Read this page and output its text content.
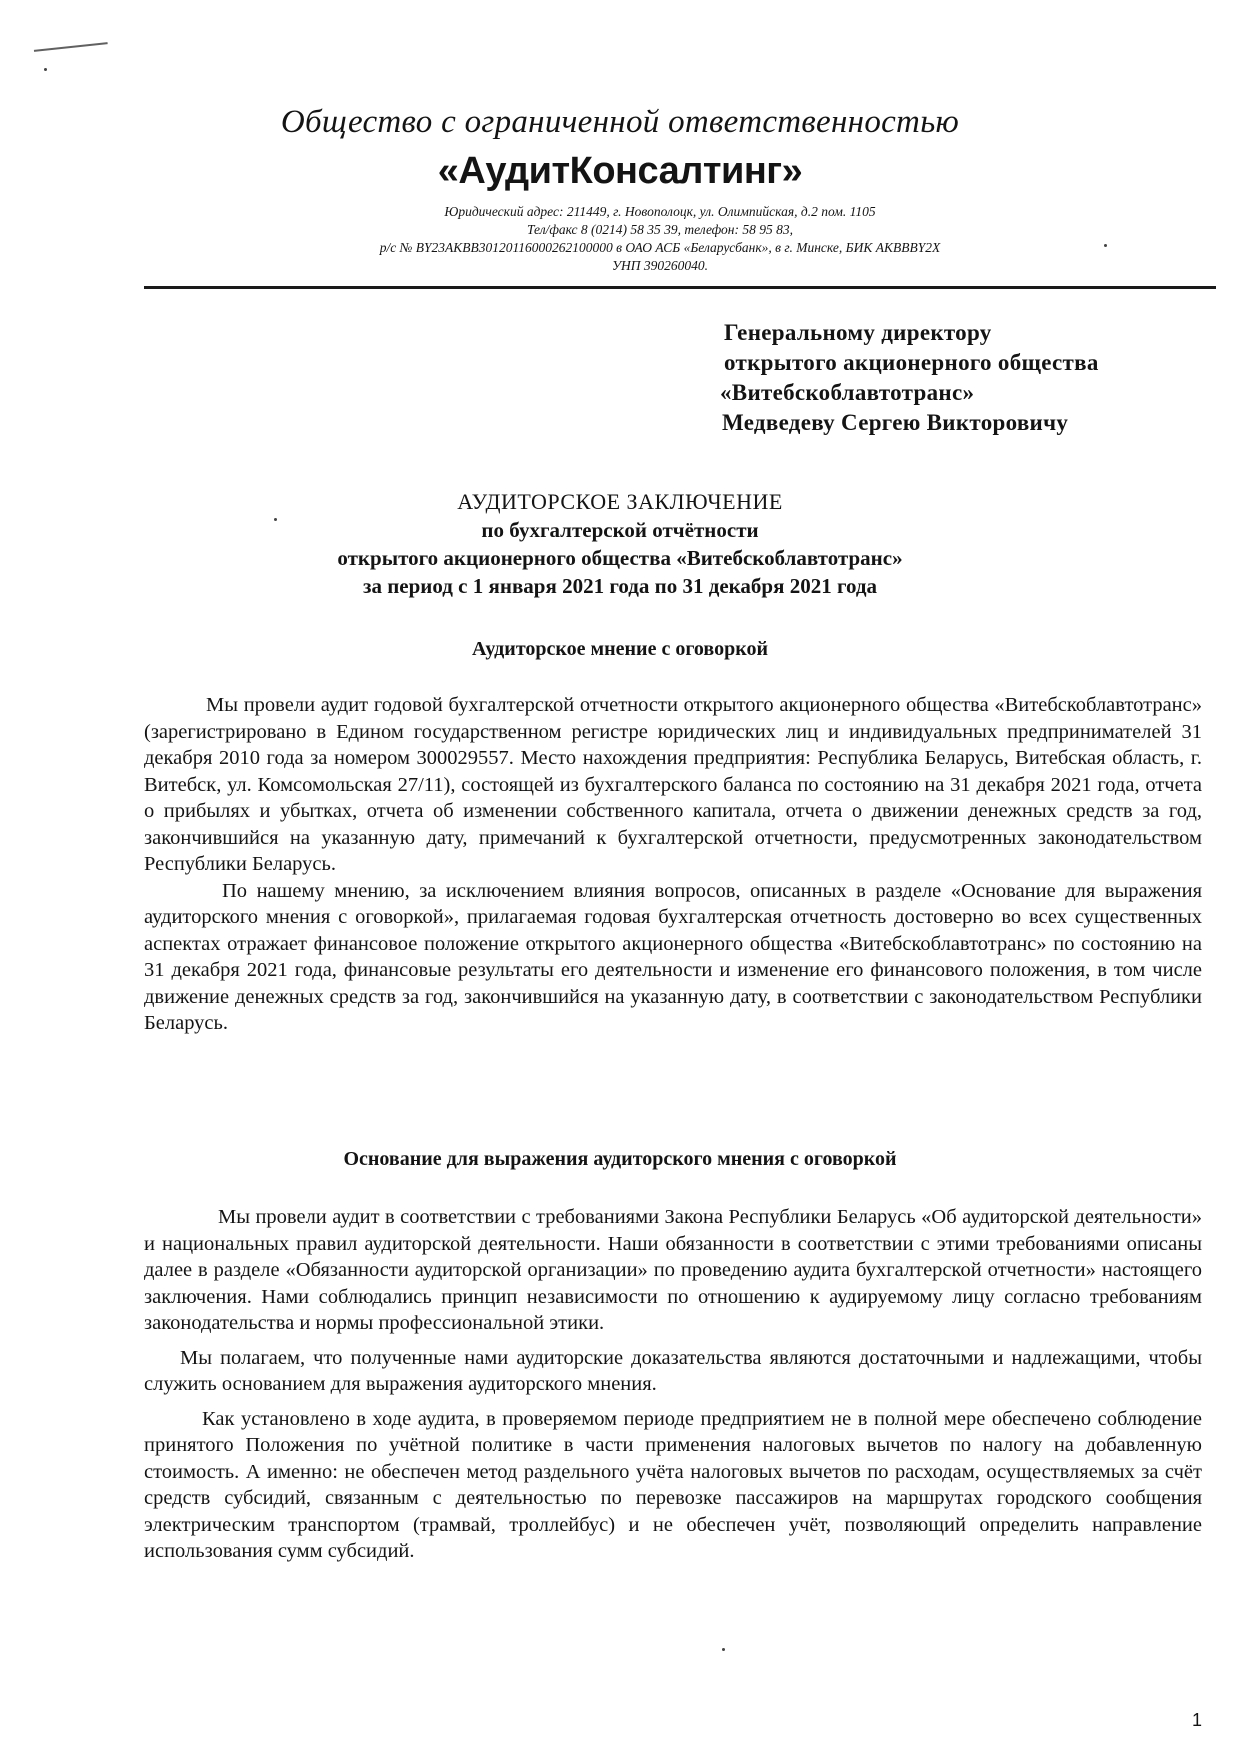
Общество с ограниченной ответственностью
«АудитКонсалтинг»
Юридический адрес: 211449, г. Новополоцк, ул. Олимпийская, д.2 пом. 1105
Тел/факс 8 (0214) 58 35 39, телефон: 58 95 83,
р/с № BY23AKBB30120116000262100000 в ОАО АСБ «Беларусбанк», в г. Минске, БИК AKBBBY2X
УНП 390260040.
Генеральному директору
открытого акционерного общества
«Витебскоблавтотранс»
Медведеву Сергею Викторовичу
АУДИТОРСКОЕ ЗАКЛЮЧЕНИЕ
по бухгалтерской отчётности
открытого акционерного общества «Витебскоблавтотранс»
за период с 1 января 2021 года по 31 декабря 2021 года
Аудиторское мнение с оговоркой

Мы провели аудит годовой бухгалтерской отчетности открытого акционерного общества «Витебскоблавтотранс» (зарегистрировано в Едином государственном регистре юридических лиц и индивидуальных предпринимателей 31 декабря 2010 года за номером 300029557. Место нахождения предприятия: Республика Беларусь, Витебская область, г. Витебск, ул. Комсомольская 27/11), состоящей из бухгалтерского баланса по состоянию на 31 декабря 2021 года, отчета о прибылях и убытках, отчета об изменении собственного капитала, отчета о движении денежных средств за год, закончившийся на указанную дату, примечаний к бухгалтерской отчетности, предусмотренных законодательством Республики Беларусь.

По нашему мнению, за исключением влияния вопросов, описанных в разделе «Основание для выражения аудиторского мнения с оговоркой», прилагаемая годовая бухгалтерская отчетность достоверно во всех существенных аспектах отражает финансовое положение открытого акционерного общества «Витебскоблавтотранс» по состоянию на 31 декабря 2021 года, финансовые результаты его деятельности и изменение его финансового положения, в том числе движение денежных средств за год, закончившийся на указанную дату, в соответствии с законодательством Республики Беларусь.

Основание для выражения аудиторского мнения с оговоркой

Мы провели аудит в соответствии с требованиями Закона Республики Беларусь «Об аудиторской деятельности» и национальных правил аудиторской деятельности. Наши обязанности в соответствии с этими требованиями описаны далее в разделе «Обязанности аудиторской организации» по проведению аудита бухгалтерской отчетности» настоящего заключения. Нами соблюдались принцип независимости по отношению к аудируемому лицу согласно требованиям законодательства и нормы профессиональной этики.

Мы полагаем, что полученные нами аудиторские доказательства являются достаточными и надлежащими, чтобы служить основанием для выражения аудиторского мнения.

Как установлено в ходе аудита, в проверяемом периоде предприятием не в полной мере обеспечено соблюдение принятого Положения по учётной политике в части применения налоговых вычетов по налогу на добавленную стоимость. А именно: не обеспечен метод раздельного учёта налоговых вычетов по расходам, осуществляемых за счёт средств субсидий, связанным с деятельностью по перевозке пассажиров на маршрутах городского сообщения электрическим транспортом (трамвай, троллейбус) и не обеспечен учёт, позволяющий определить направление использования сумм субсидий.

1
